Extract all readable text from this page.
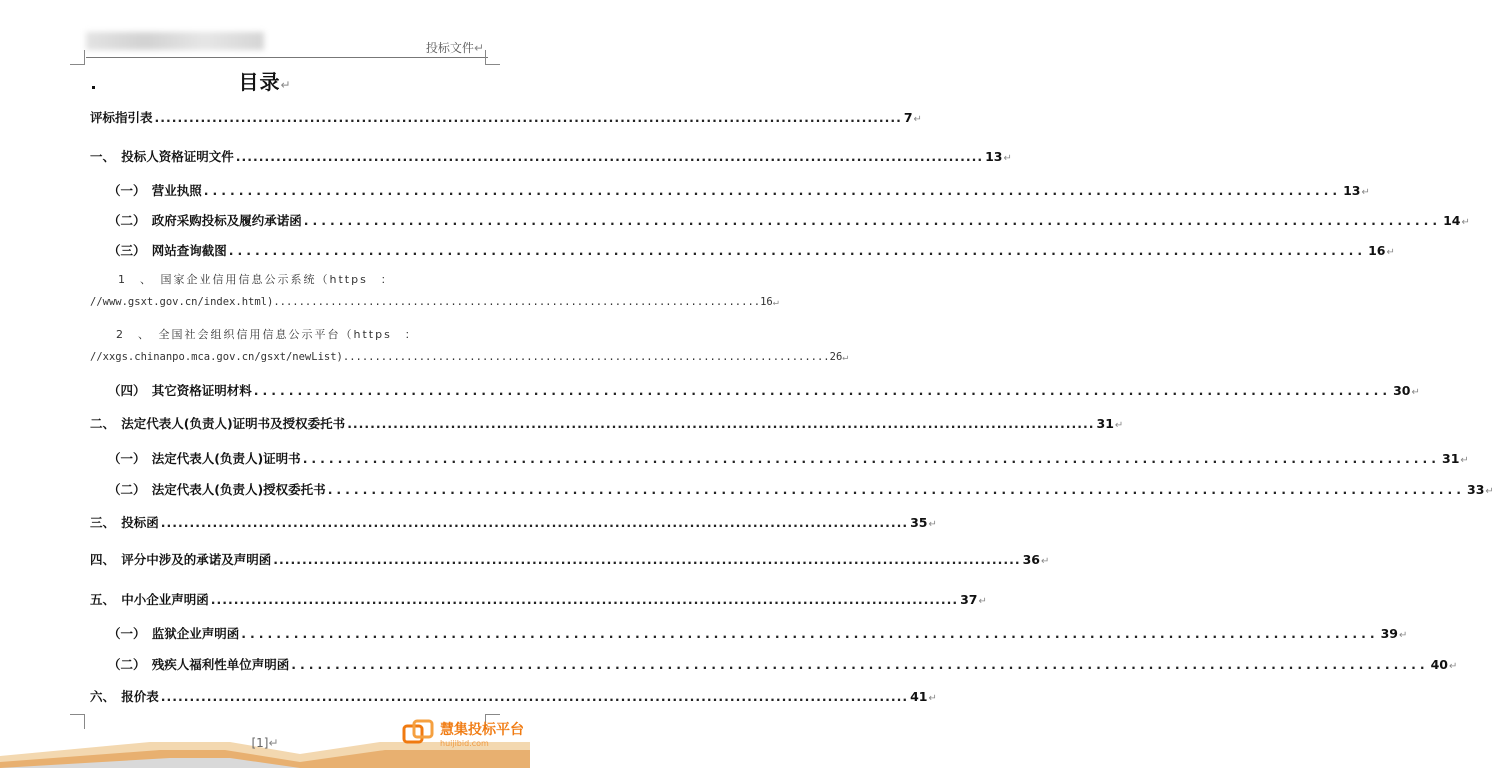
投标文件↵
目录↵
评标指引表 .................................................................................................................................. 7 ↵
一、　投标人资格证明文件 .................................................................................................................................. 13 ↵
（一）　营业执照 .................................................................................................................................. 13 ↵
（二）　政府采购投标及履约承诺函 .................................................................................................................................. 14 ↵
（三）　网站查询截图 .................................................................................................................................. 16 ↵
1　、　国家企业信用信息公示系统（https　：
//www.gsxt.gov.cn/index.html) ............................................................................. 16 ↵
2　、　全国社会组织信用信息公示平台（https　：
//xxgs.chinanpo.mca.gov.cn/gsxt/newList) ............................................................................. 26 ↵
（四）　其它资格证明材料 .................................................................................................................................. 30 ↵
二、　法定代表人(负责人)证明书及授权委托书 .................................................................................................................................. 31 ↵
（一）　法定代表人(负责人)证明书 .................................................................................................................................. 31 ↵
（二）　法定代表人(负责人)授权委托书 .................................................................................................................................. 33 ↵
三、　投标函 .................................................................................................................................. 35 ↵
四、　评分中涉及的承诺及声明函 .................................................................................................................................. 36 ↵
五、　中小企业声明函 .................................................................................................................................. 37 ↵
（一）　监狱企业声明函 .................................................................................................................................. 39 ↵
（二）　残疾人福利性单位声明函 .................................................................................................................................. 40 ↵
六、　报价表 .................................................................................................................................. 41 ↵
[1]↵
慧集投标平台
huijibid.com
